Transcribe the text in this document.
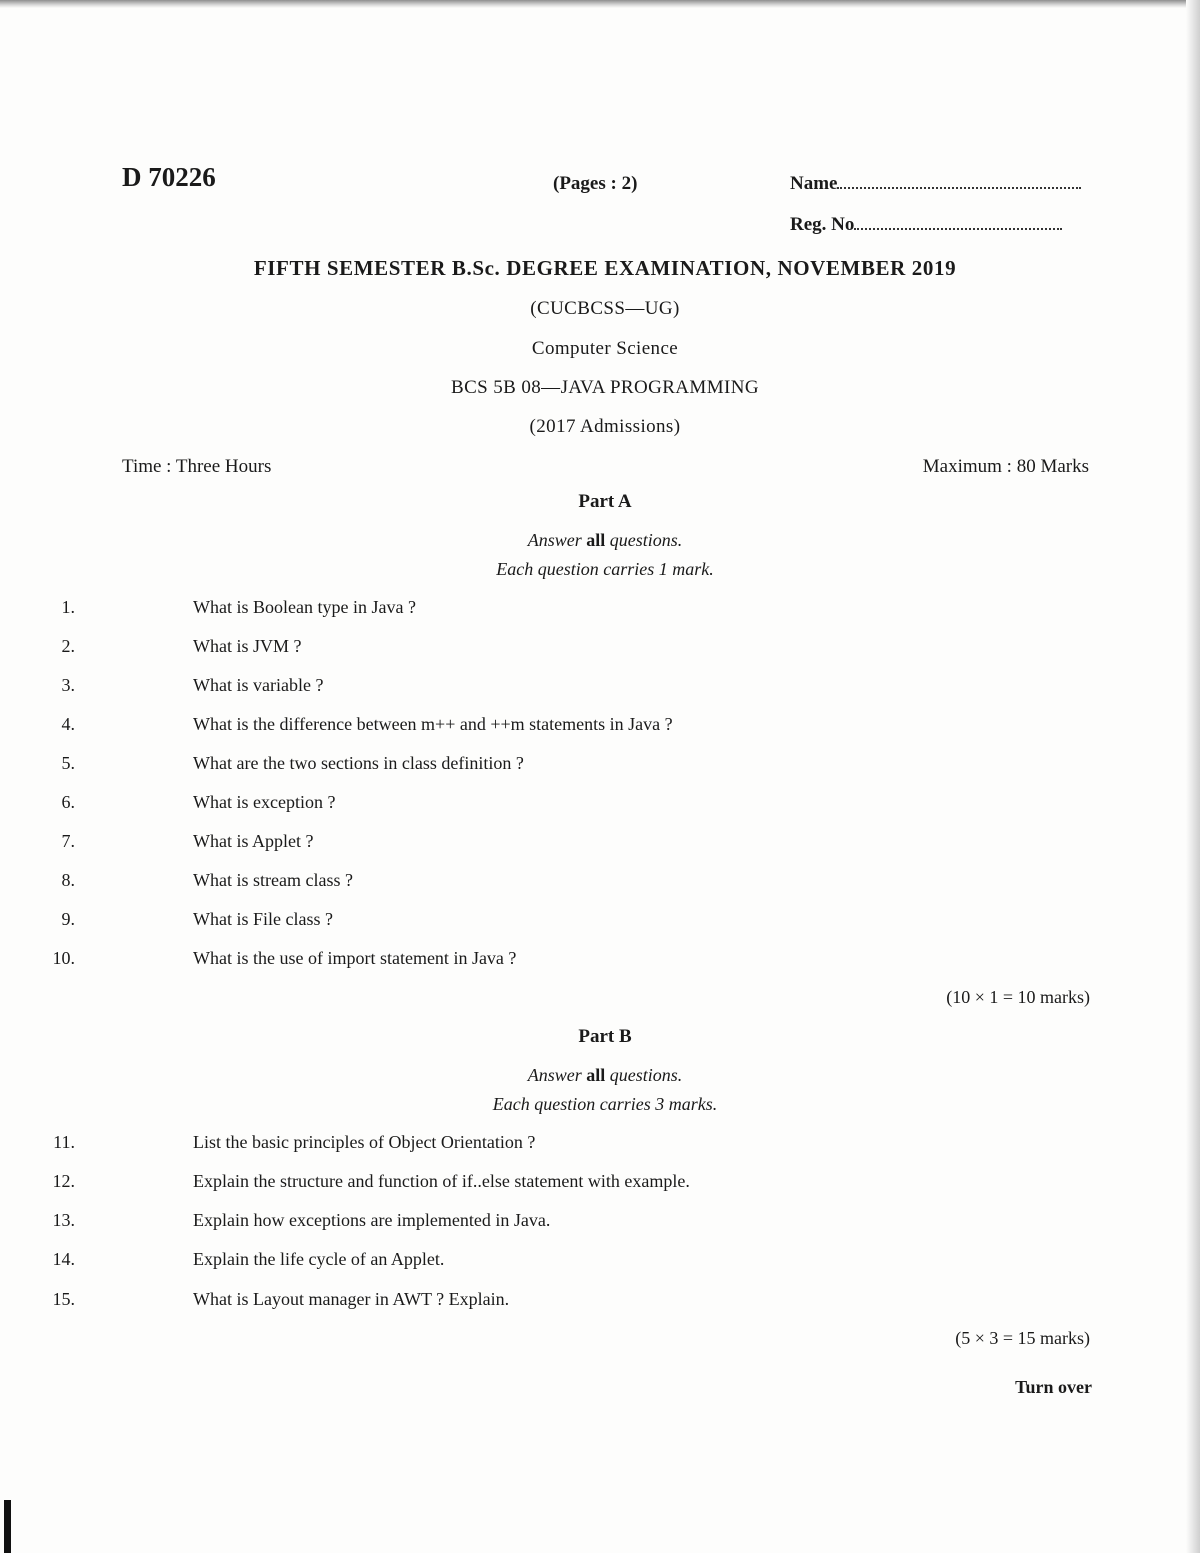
D 70226	(Pages : 2)	Name
Reg. No
FIFTH SEMESTER B.Sc. DEGREE EXAMINATION, NOVEMBER 2019
(CUCBCSS—UG)
Computer Science
BCS 5B 08—JAVA PROGRAMMING
(2017 Admissions)
Time : Three Hours	Maximum : 80 Marks
Part A
Answer all questions.
Each question carries 1 mark.
1.	What is Boolean type in Java ?
2.	What is JVM ?
3.	What is variable ?
4.	What is the difference between m++ and ++m statements in Java ?
5.	What are the two sections in class definition ?
6.	What is exception ?
7.	What is Applet ?
8.	What is stream class ?
9.	What is File class ?
10.	What is the use of import statement in Java ?
(10 × 1 = 10 marks)
Part B
Answer all questions.
Each question carries 3 marks.
11.	List the basic principles of Object Orientation ?
12.	Explain the structure and function of if..else statement with example.
13.	Explain how exceptions are implemented in Java.
14.	Explain the life cycle of an Applet.
15.	What is Layout manager in AWT ? Explain.
(5 × 3 = 15 marks)
Turn over
